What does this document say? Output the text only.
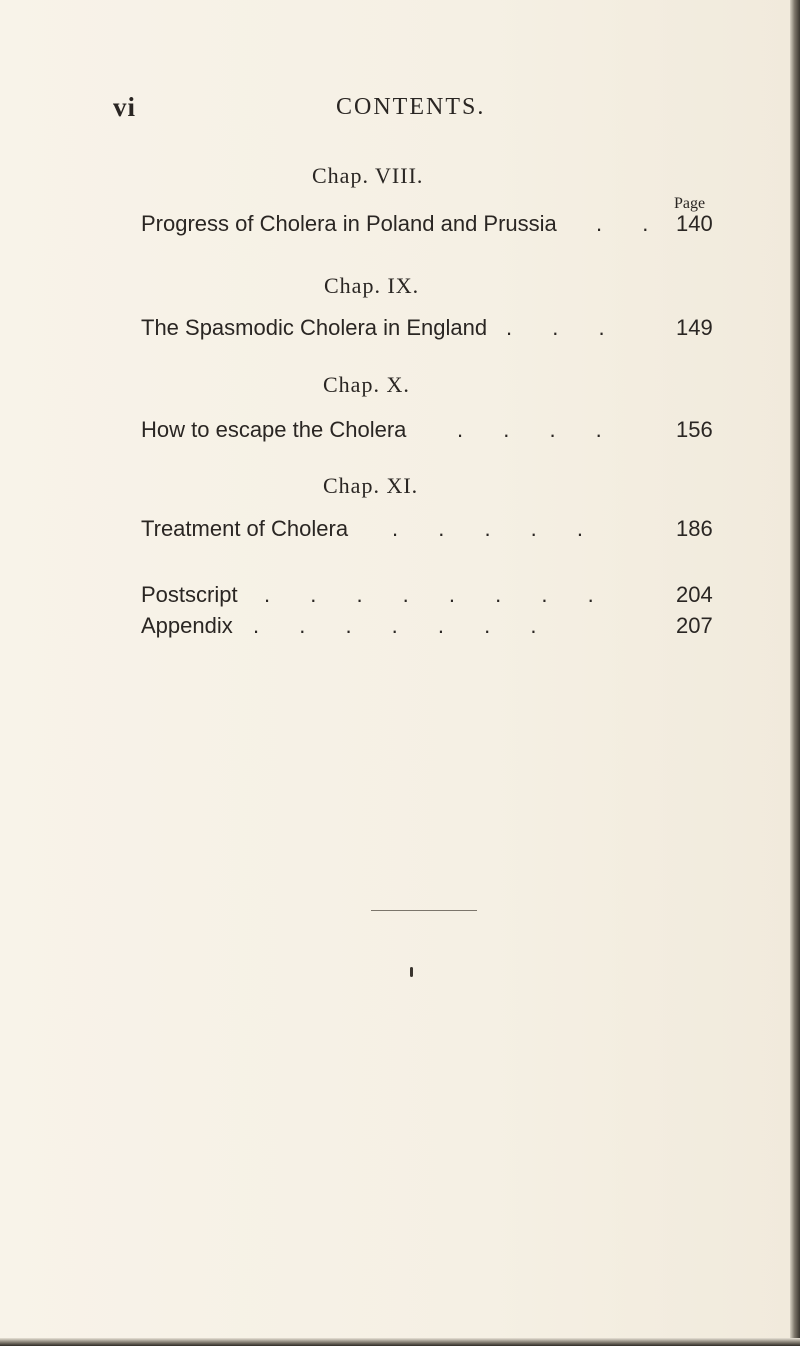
vi	CONTENTS.
Chap. VIII.
Page
Progress of Cholera in Poland and Prussia . . 140
Chap. IX.
The Spasmodic Cholera in England . . . 149
Chap. X.
How to escape the Cholera . . . .	156
Chap. XI.
Treatment of Cholera . . . . .	186
Postscript . . . . . . . .	204
Appendix . . . . . . .	207
